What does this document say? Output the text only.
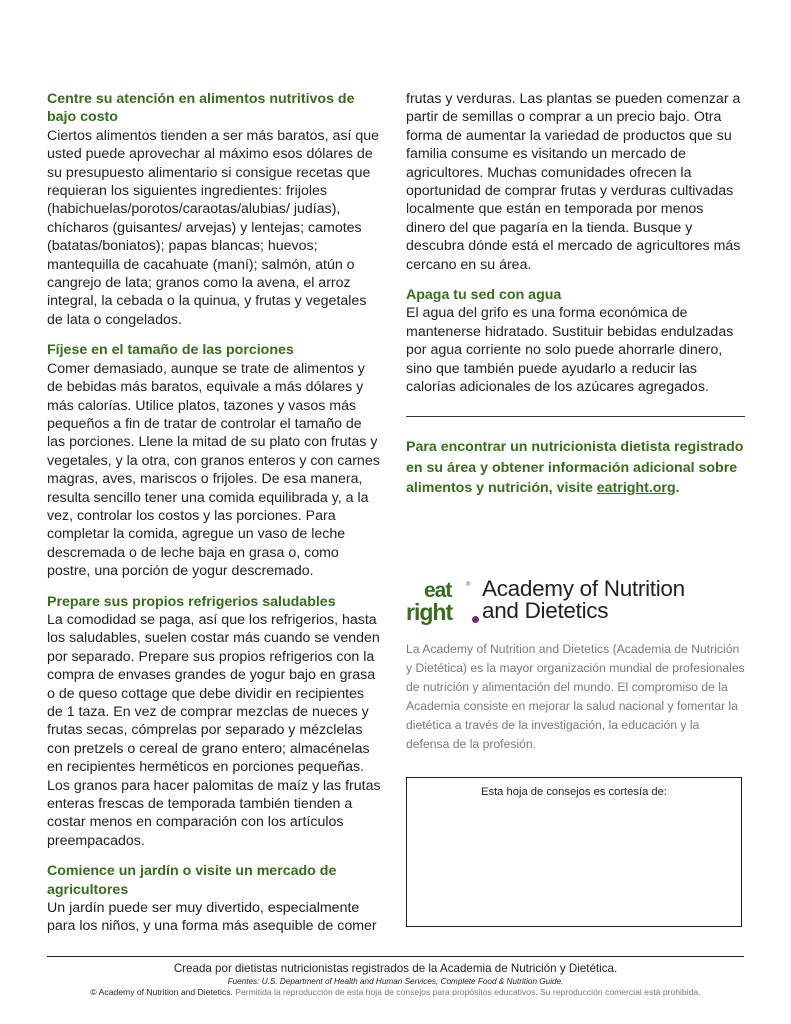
Centre su atención en alimentos nutritivos de bajo costo

Ciertos alimentos tienden a ser más baratos, así que usted puede aprovechar al máximo esos dólares de su presupuesto alimentario si consigue recetas que requieran los siguientes ingredientes: frijoles (habichuelas/porotos/caraotas/alubias/ judías), chícharos (guisantes/ arvejas) y lentejas; camotes (batatas/boniatos); papas blancas; huevos; mantequilla de cacahuate (maní); salmón, atún o cangrejo de lata; granos como la avena, el arroz integral, la cebada o la quinua, y frutas y vegetales de lata o congelados.

Fíjese en el tamaño de las porciones

Comer demasiado, aunque se trate de alimentos y de bebidas más baratos, equivale a más dólares y más calorías. Utilice platos, tazones y vasos más pequeños a fin de tratar de controlar el tamaño de las porciones. Llene la mitad de su plato con frutas y vegetales, y la otra, con granos enteros y con carnes magras, aves, mariscos o frijoles. De esa manera, resulta sencillo tener una comida equilibrada y, a la vez, controlar los costos y las porciones. Para completar la comida, agregue un vaso de leche descremada o de leche baja en grasa o, como postre, una porción de yogur descremado.

Prepare sus propios refrigerios saludables

La comodidad se paga, así que los refrigerios, hasta los saludables, suelen costar más cuando se venden por separado. Prepare sus propios refrigerios con la compra de envases grandes de yogur bajo en grasa o de queso cottage que debe dividir en recipientes de 1 taza. En vez de comprar mezclas de nueces y frutas secas, cómprelas por separado y mézclelas con pretzels o cereal de grano entero; almacénelas en recipientes herméticos en porciones pequeñas. Los granos para hacer palomitas de maíz y las frutas enteras frescas de temporada también tienden a costar menos en comparación con los artículos preempacados.

Comience un jardín o visite un mercado de agricultores

Un jardín puede ser muy divertido, especialmente para los niños, y una forma más asequible de comer

frutas y verduras. Las plantas se pueden comenzar a partir de semillas o comprar a un precio bajo. Otra forma de aumentar la variedad de productos que su familia consume es visitando un mercado de agricultores. Muchas comunidades ofrecen la oportunidad de comprar frutas y verduras cultivadas localmente que están en temporada por menos dinero del que pagaría en la tienda. Busque y descubra dónde está el mercado de agricultores más cercano en su área.

Apaga tu sed con agua

El agua del grifo es una forma económica de mantenerse hidratado. Sustituir bebidas endulzadas por agua corriente no solo puede ahorrarle dinero, sino que también puede ayudarlo a reducir las calorías adicionales de los azúcares agregados.

Para encontrar un nutricionista dietista registrado en su área y obtener información adicional sobre alimentos y nutrición, visite eatright.org.

eat ®
right
Academy of Nutrition
and Dietetics

La Academy of Nutrition and Dietetics (Academia de Nutrición y Dietética) es la mayor organización mundial de profesionales de nutrición y alimentación del mundo. El compromiso de la Academia consiste en mejorar la salud nacional y fomentar la dietética a través de la investigación, la educación y la defensa de la profesión.

Esta hoja de consejos es cortesía de:
Creada por dietistas nutricionistas registrados de la Academia de Nutrición y Dietética.
Fuentes: U.S. Department of Health and Human Services, Complete Food & Nutrition Guide.
© Academy of Nutrition and Dietetics. Permitida la reproducción de esta hoja de consejos para propósitos educativos. Su reproducción comercial está prohibida.
